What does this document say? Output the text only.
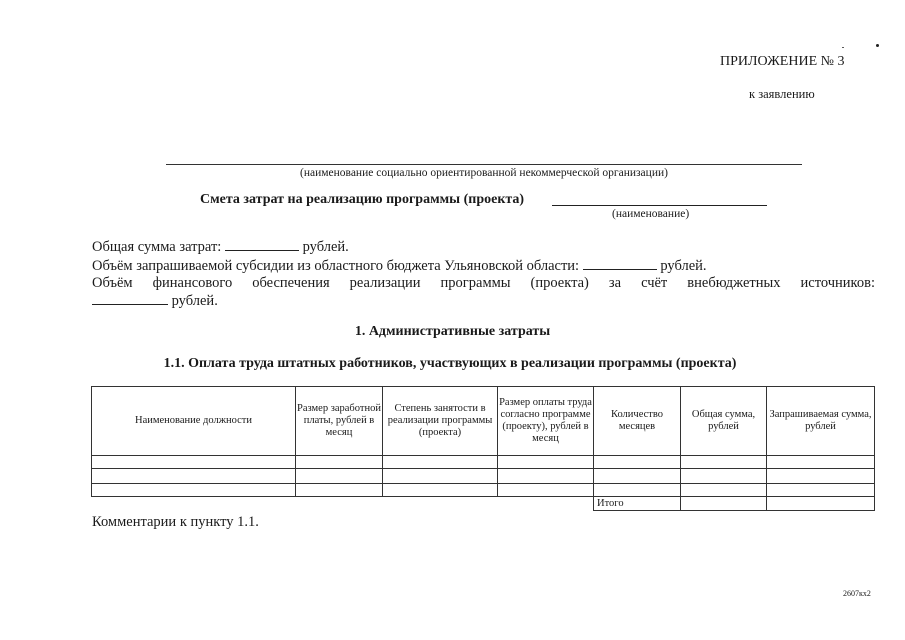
ПРИЛОЖЕНИЕ № 3
к заявлению
(наименование социально ориентированной некоммерческой организации)
Смета затрат на реализацию программы (проекта)
(наименование)
Общая сумма затрат:	рублей.
Объём запрашиваемой субсидии из областного бюджета Ульяновской области:	рублей.
Объём финансового обеспечения реализации программы (проекта) за счёт внебюджетных источников:
рублей.
1. Административные затраты
1.1. Оплата труда штатных работников, участвующих в реализации программы (проекта)
Наименование должности	Размер заработной платы, рублей в месяц	Степень занятости в реализации программы (проекта)	Размер оплаты труда согласно программе (проекту), рублей в месяц	Количество месяцев	Общая сумма, рублей	Запрашиваемая сумма, рублей

				Итого		
Комментарии к пункту 1.1.
2607кх2
